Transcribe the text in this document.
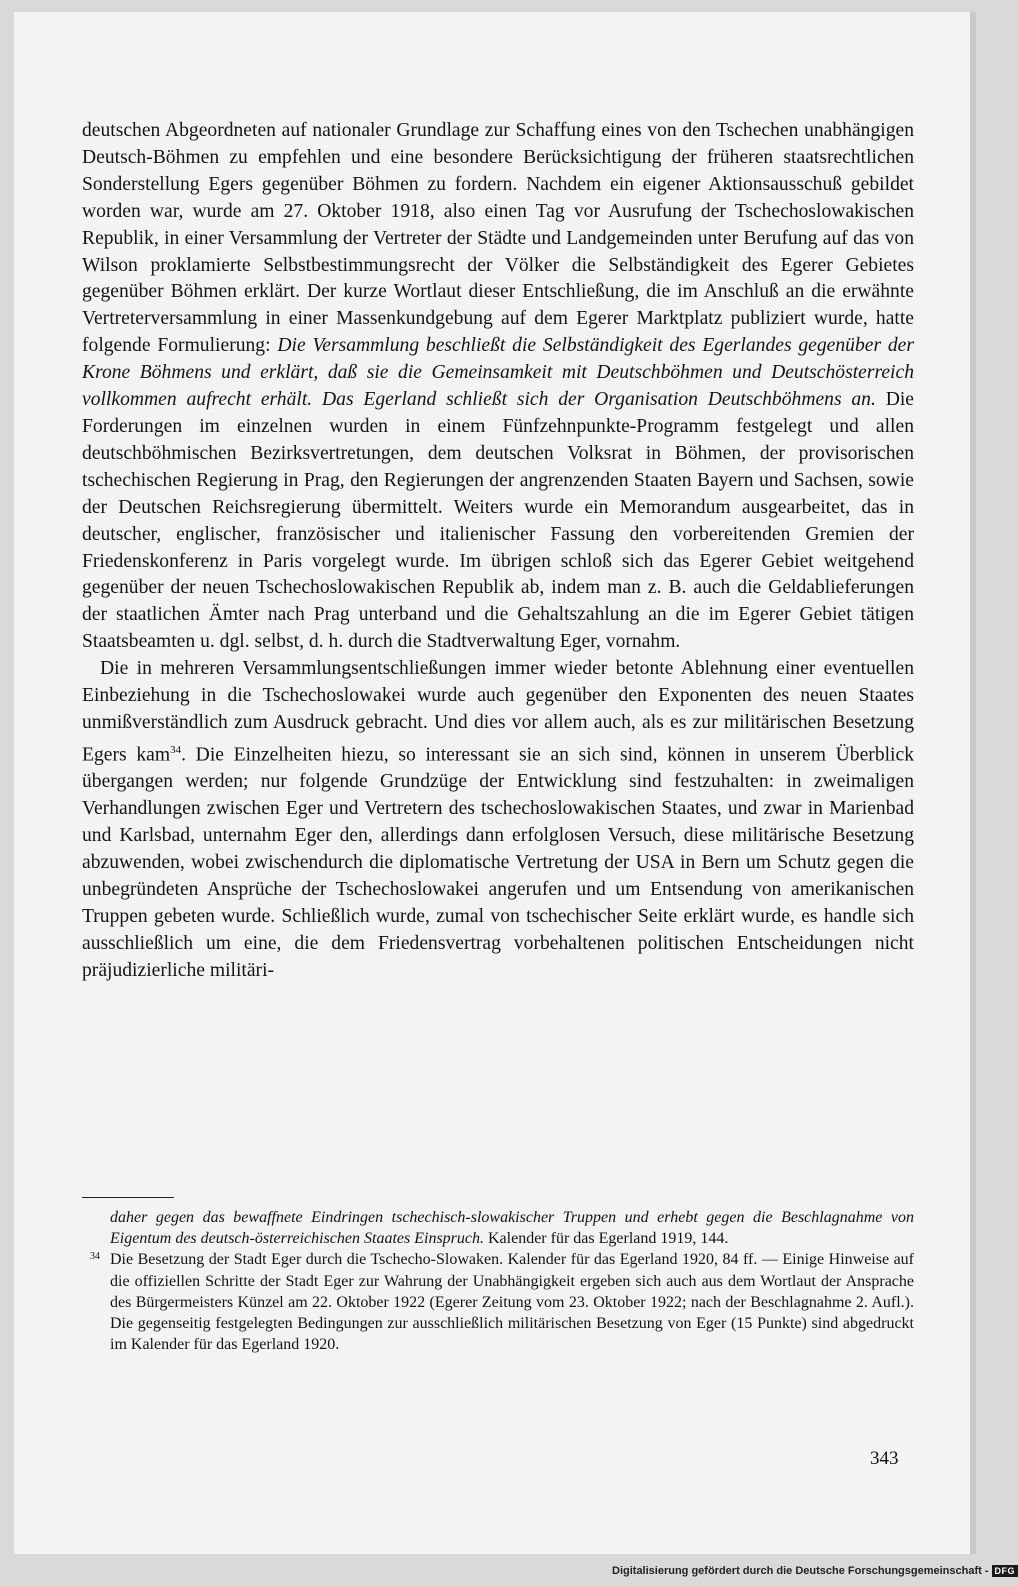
deutschen Abgeordneten auf nationaler Grundlage zur Schaffung eines von den Tschechen unabhängigen Deutsch-Böhmen zu empfehlen und eine besondere Berücksichtigung der früheren staatsrechtlichen Sonderstellung Egers gegenüber Böhmen zu fordern. Nachdem ein eigener Aktionsausschuß gebildet worden war, wurde am 27. Oktober 1918, also einen Tag vor Ausrufung der Tschechoslowakischen Republik, in einer Versammlung der Vertreter der Städte und Landgemeinden unter Berufung auf das von Wilson proklamierte Selbstbestimmungsrecht der Völker die Selbständigkeit des Egerer Gebietes gegenüber Böhmen erklärt. Der kurze Wortlaut dieser Entschließung, die im Anschluß an die erwähnte Vertreterversammlung in einer Massenkundgebung auf dem Egerer Marktplatz publiziert wurde, hatte folgende Formulierung: Die Versammlung beschließt die Selbständigkeit des Egerlandes gegenüber der Krone Böhmens und erklärt, daß sie die Gemeinsamkeit mit Deutschböhmen und Deutschösterreich vollkommen aufrecht erhält. Das Egerland schließt sich der Organisation Deutschböhmens an. Die Forderungen im einzelnen wurden in einem Fünfzehnpunkte-Programm festgelegt und allen deutschböhmischen Bezirksvertretungen, dem deutschen Volksrat in Böhmen, der provisorischen tschechischen Regierung in Prag, den Regierungen der angrenzenden Staaten Bayern und Sachsen, sowie der Deutschen Reichsregierung übermittelt. Weiters wurde ein Memorandum ausgearbeitet, das in deutscher, englischer, französischer und italienischer Fassung den vorbereitenden Gremien der Friedenskonferenz in Paris vorgelegt wurde. Im übrigen schloß sich das Egerer Gebiet weitgehend gegenüber der neuen Tschechoslowakischen Republik ab, indem man z. B. auch die Geldablieferungen der staatlichen Ämter nach Prag unterband und die Gehaltszahlung an die im Egerer Gebiet tätigen Staatsbeamten u. dgl. selbst, d. h. durch die Stadtverwaltung Eger, vornahm.

Die in mehreren Versammlungsentschließungen immer wieder betonte Ablehnung einer eventuellen Einbeziehung in die Tschechoslowakei wurde auch gegenüber den Exponenten des neuen Staates unmißverständlich zum Ausdruck gebracht. Und dies vor allem auch, als es zur militärischen Besetzung Egers kam$^{34}$. Die Einzelheiten hiezu, so interessant sie an sich sind, können in unserem Überblick übergangen werden; nur folgende Grundzüge der Entwicklung sind festzuhalten: in zweimaligen Verhandlungen zwischen Eger und Vertretern des tschechoslowakischen Staates, und zwar in Marienbad und Karlsbad, unternahm Eger den, allerdings dann erfolglosen Versuch, diese militärische Besetzung abzuwenden, wobei zwischendurch die diplomatische Vertretung der USA in Bern um Schutz gegen die unbegründeten Ansprüche der Tschechoslowakei angerufen und um Entsendung von amerikanischen Truppen gebeten wurde. Schließlich wurde, zumal von tschechischer Seite erklärt wurde, es handle sich ausschließlich um eine, die dem Friedensvertrag vorbehaltenen politischen Entscheidungen nicht präjudizierliche militäri-

daher gegen das bewaffnete Eindringen tschechisch-slowakischer Truppen und erhebt gegen die Beschlagnahme von Eigentum des deutsch-österreichischen Staates Einspruch. Kalender für das Egerland 1919, 144.

34 Die Besetzung der Stadt Eger durch die Tschecho-Slowaken. Kalender für das Egerland 1920, 84 ff. — Einige Hinweise auf die offiziellen Schritte der Stadt Eger zur Wahrung der Unabhängigkeit ergeben sich auch aus dem Wortlaut der Ansprache des Bürgermeisters Künzel am 22. Oktober 1922 (Egerer Zeitung vom 23. Oktober 1922; nach der Beschlagnahme 2. Aufl.). Die gegenseitig festgelegten Bedingungen zur ausschließlich militärischen Besetzung von Eger (15 Punkte) sind abgedruckt im Kalender für das Egerland 1920.

343
Digitalisierung gefördert durch die Deutsche Forschungsgemeinschaft - DFG
